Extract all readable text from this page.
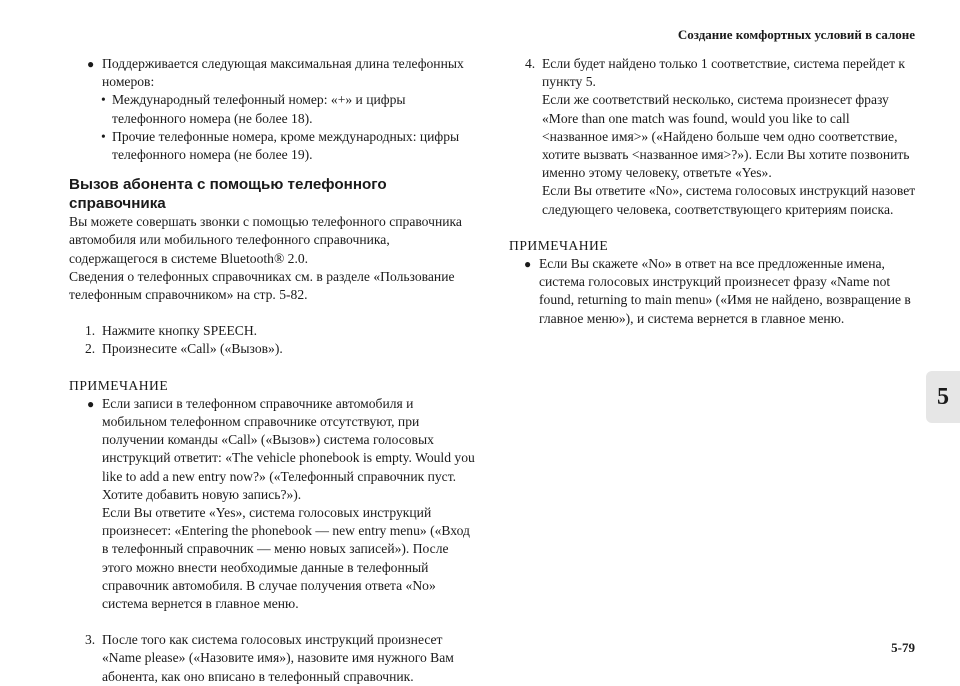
Создание комфортных условий в салоне
● Поддерживается следующая максимальная длина телефонных номеров:
• Международный телефонный номер: «+» и цифры телефонного номера (не более 18).
• Прочие телефонные номера, кроме международных: цифры телефонного номера (не более 19).
Вызов абонента с помощью телефонного справочника
Вы можете совершать звонки с помощью телефонного справочника автомобиля или мобильного телефонного справочника, содержащегося в системе Bluetooth® 2.0.
Сведения о телефонных справочниках см. в разделе «Пользование телефонным справочником» на стр. 5-82.
1. Нажмите кнопку SPEECH.
2. Произнесите «Call» («Вызов»).
ПРИМЕЧАНИЕ
● Если записи в телефонном справочнике автомобиля и мобильном телефонном справочнике отсутствуют, при получении команды «Call» («Вызов») система голосовых инструкций ответит: «The vehicle phonebook is empty. Would you like to add a new entry now?» («Телефонный справочник пуст. Хотите добавить новую запись?»).
Если Вы ответите «Yes», система голосовых инструкций произнесет: «Entering the phonebook — new entry menu» («Вход в телефонный справочник — меню новых записей»). После этого можно внести необходимые данные в телефонный справочник автомобиля. В случае получения ответа «No» система вернется в главное меню.
3. После того как система голосовых инструкций произнесет «Name please» («Назовите имя»), назовите имя нужного Вам абонента, как оно вписано в телефонный справочник.
4. Если будет найдено только 1 соответствие, система перейдет к пункту 5.
Если же соответствий несколько, система произнесет фразу «More than one match was found, would you like to call <названное имя>» («Найдено больше чем одно соответствие, хотите вызвать <названное имя>?»). Если Вы хотите позвонить именно этому человеку, ответьте «Yes».
Если Вы ответите «No», система голосовых инструкций назовет следующего человека, соответствующего критериям поиска.
ПРИМЕЧАНИЕ
● Если Вы скажете «No» в ответ на все предложенные имена, система голосовых инструкций произнесет фразу «Name not found, returning to main menu» («Имя не найдено, возвращение в главное меню»), и система вернется в главное меню.
5
5-79
